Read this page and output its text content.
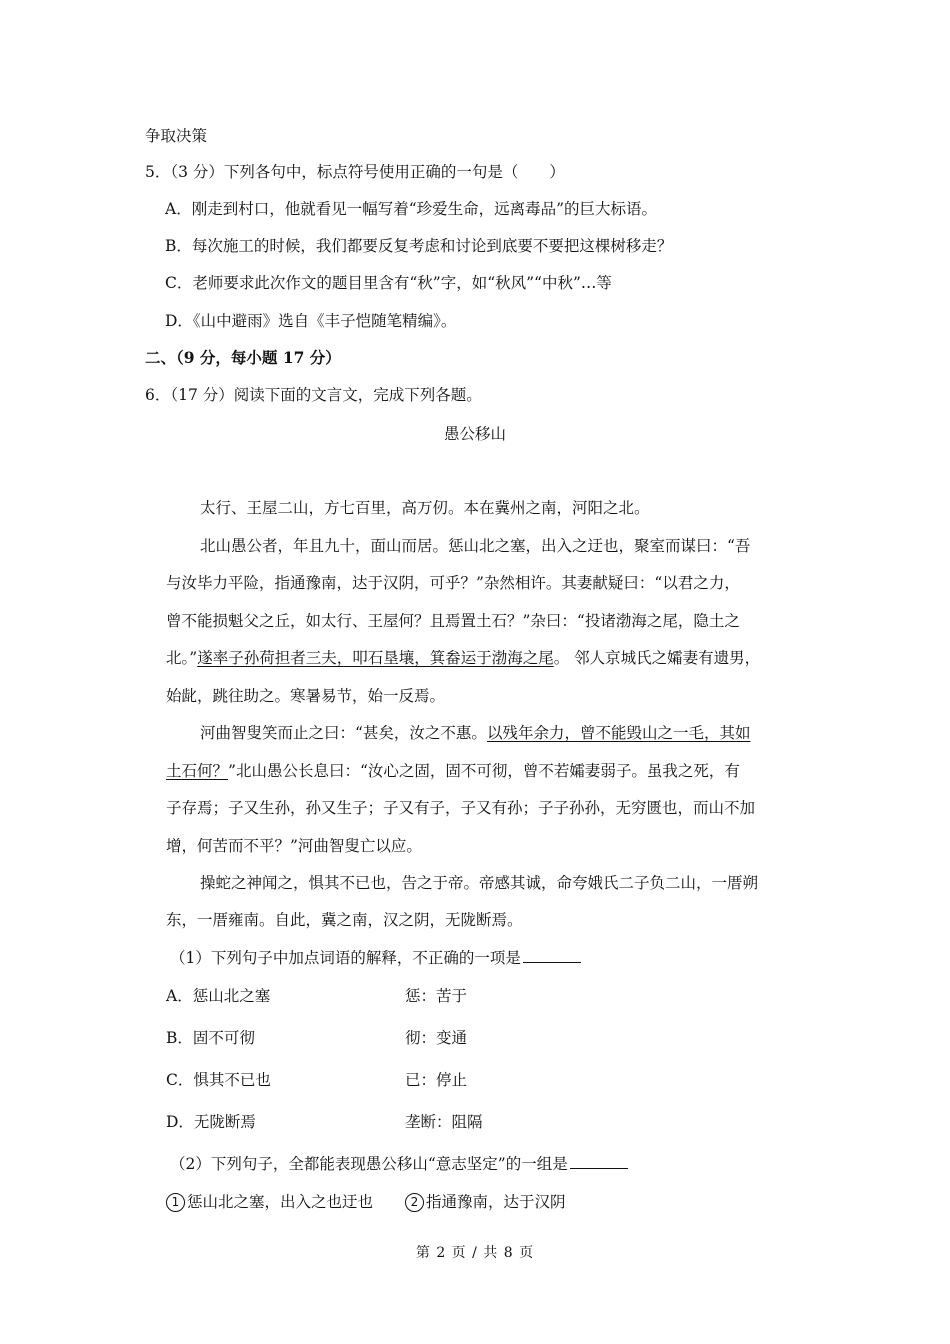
争取决策
5．（3 分）下列各句中，标点符号使用正确的一句是（　　）
A．刚走到村口，他就看见一幅写着“珍爱生命，远离毒品”的巨大标语。
B．每次施工的时候，我们都要反复考虑和讨论到底要不要把这棵树移走？
C．老师要求此次作文的题目里含有“秋”字，如“秋风”“中秋”…等
D．《山中避雨》选自《丰子恺随笔精编》。
二、（9 分，每小题 17 分）
6．（17 分）阅读下面的文言文，完成下列各题。
愚公移山
太行、王屋二山，方七百里，高万仞。本在冀州之南，河阳之北。
北山愚公者，年且九十，面山而居。惩山北之塞，出入之迂也，聚室而谋曰：“吾
与汝毕力平险，指通豫南，达于汉阴，可乎？”杂然相许。其妻献疑曰：“以君之力，
曾不能损魁父之丘，如太行、王屋何？且焉置土石？”杂曰：“投诸渤海之尾，隐土之
北。”遂率子孙荷担者三夫，叩石垦壤，箕畚运于渤海之尾。 邻人京城氏之孀妻有遗男，
始龀，跳往助之。寒暑易节，始一反焉。
河曲智叟笑而止之曰：“甚矣，汝之不惠。以残年余力，曾不能毁山之一毛，其如
土石何？”北山愚公长息曰：“汝心之固，固不可彻，曾不若孀妻弱子。虽我之死，有
子存焉；子又生孙，孙又生子；子又有子，子又有孙；子子孙孙，无穷匮也，而山不加
增，何苦而不平？”河曲智叟亡以应。
操蛇之神闻之，惧其不已也，告之于帝。帝感其诚，命夸娥氏二子负二山，一厝朔
东，一厝雍南。自此，冀之南，汉之阴，无陇断焉。
（1）下列句子中加点词语的解释，不正确的一项是
A．惩山北之塞	惩：苦于
B．固不可彻	彻：变通
C．惧其不已也	已：停止
D．无陇断焉	垄断：阻隔
（2）下列句子，全都能表现愚公移山“意志坚定”的一组是
1 惩山北之塞，出入之也迂也	2 指通豫南，达于汉阴
第 2 页 / 共 8 页
